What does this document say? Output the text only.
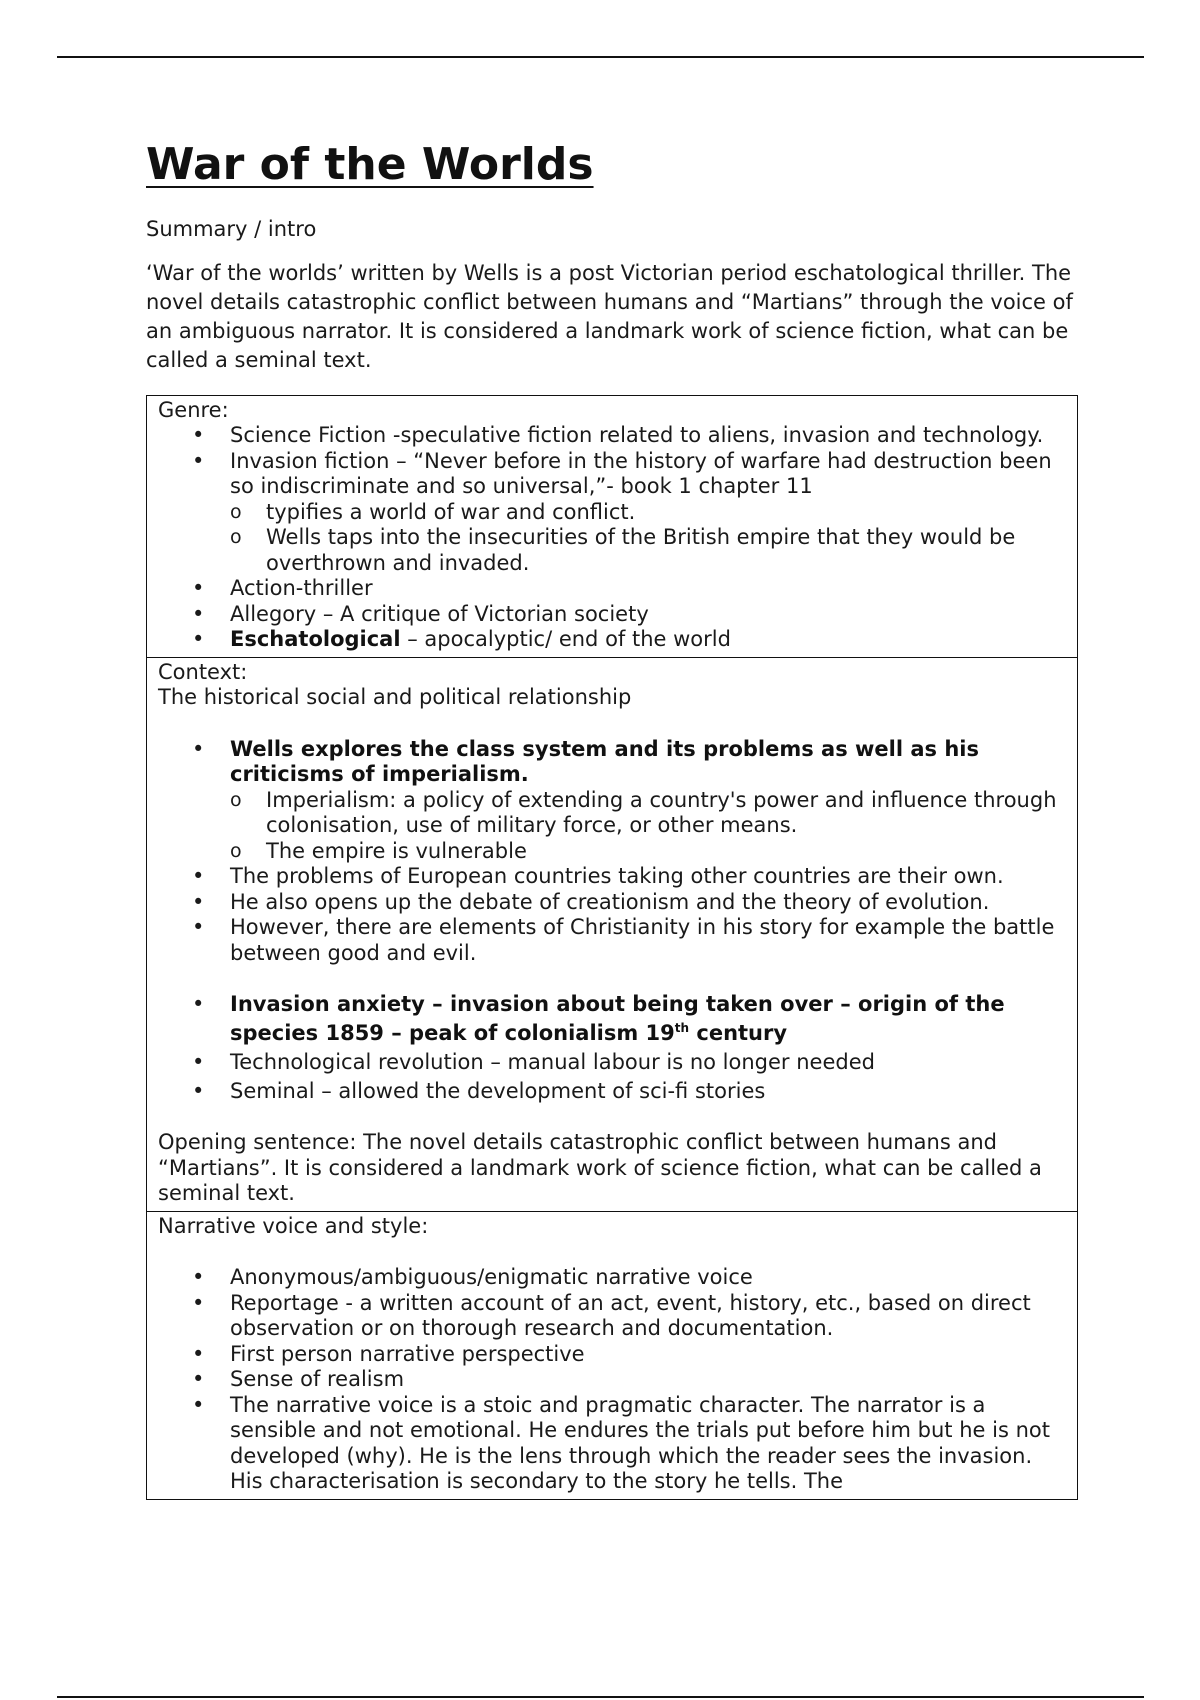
War of the Worlds
Summary / intro
‘War of the worlds’ written by Wells is a post Victorian period eschatological thriller. The novel details catastrophic conflict between humans and “Martians” through the voice of an ambiguous narrator. It is considered a landmark work of science fiction, what can be called a seminal text.
Genre:
• Science Fiction -speculative fiction related to aliens, invasion and technology.
• Invasion fiction – “Never before in the history of warfare had destruction been so indiscriminate and so universal,”- book 1 chapter 11
o typifies a world of war and conflict.
o Wells taps into the insecurities of the British empire that they would be overthrown and invaded.
• Action-thriller
• Allegory – A critique of Victorian society
• Eschatological – apocalyptic/ end of the world
Context:
The historical social and political relationship
• Wells explores the class system and its problems as well as his criticisms of imperialism.
o Imperialism: a policy of extending a country's power and influence through colonisation, use of military force, or other means.
o The empire is vulnerable
• The problems of European countries taking other countries are their own.
• He also opens up the debate of creationism and the theory of evolution.
• However, there are elements of Christianity in his story for example the battle between good and evil.
• Invasion anxiety – invasion about being taken over – origin of the species 1859 – peak of colonialism 19th century
• Technological revolution – manual labour is no longer needed
• Seminal – allowed the development of sci-fi stories
Opening sentence: The novel details catastrophic conflict between humans and “Martians”. It is considered a landmark work of science fiction, what can be called a seminal text.
Narrative voice and style:
• Anonymous/ambiguous/enigmatic narrative voice
• Reportage - a written account of an act, event, history, etc., based on direct observation or on thorough research and documentation.
• First person narrative perspective
• Sense of realism
• The narrative voice is a stoic and pragmatic character. The narrator is a sensible and not emotional. He endures the trials put before him but he is not developed (why). He is the lens through which the reader sees the invasion. His characterisation is secondary to the story he tells. The
